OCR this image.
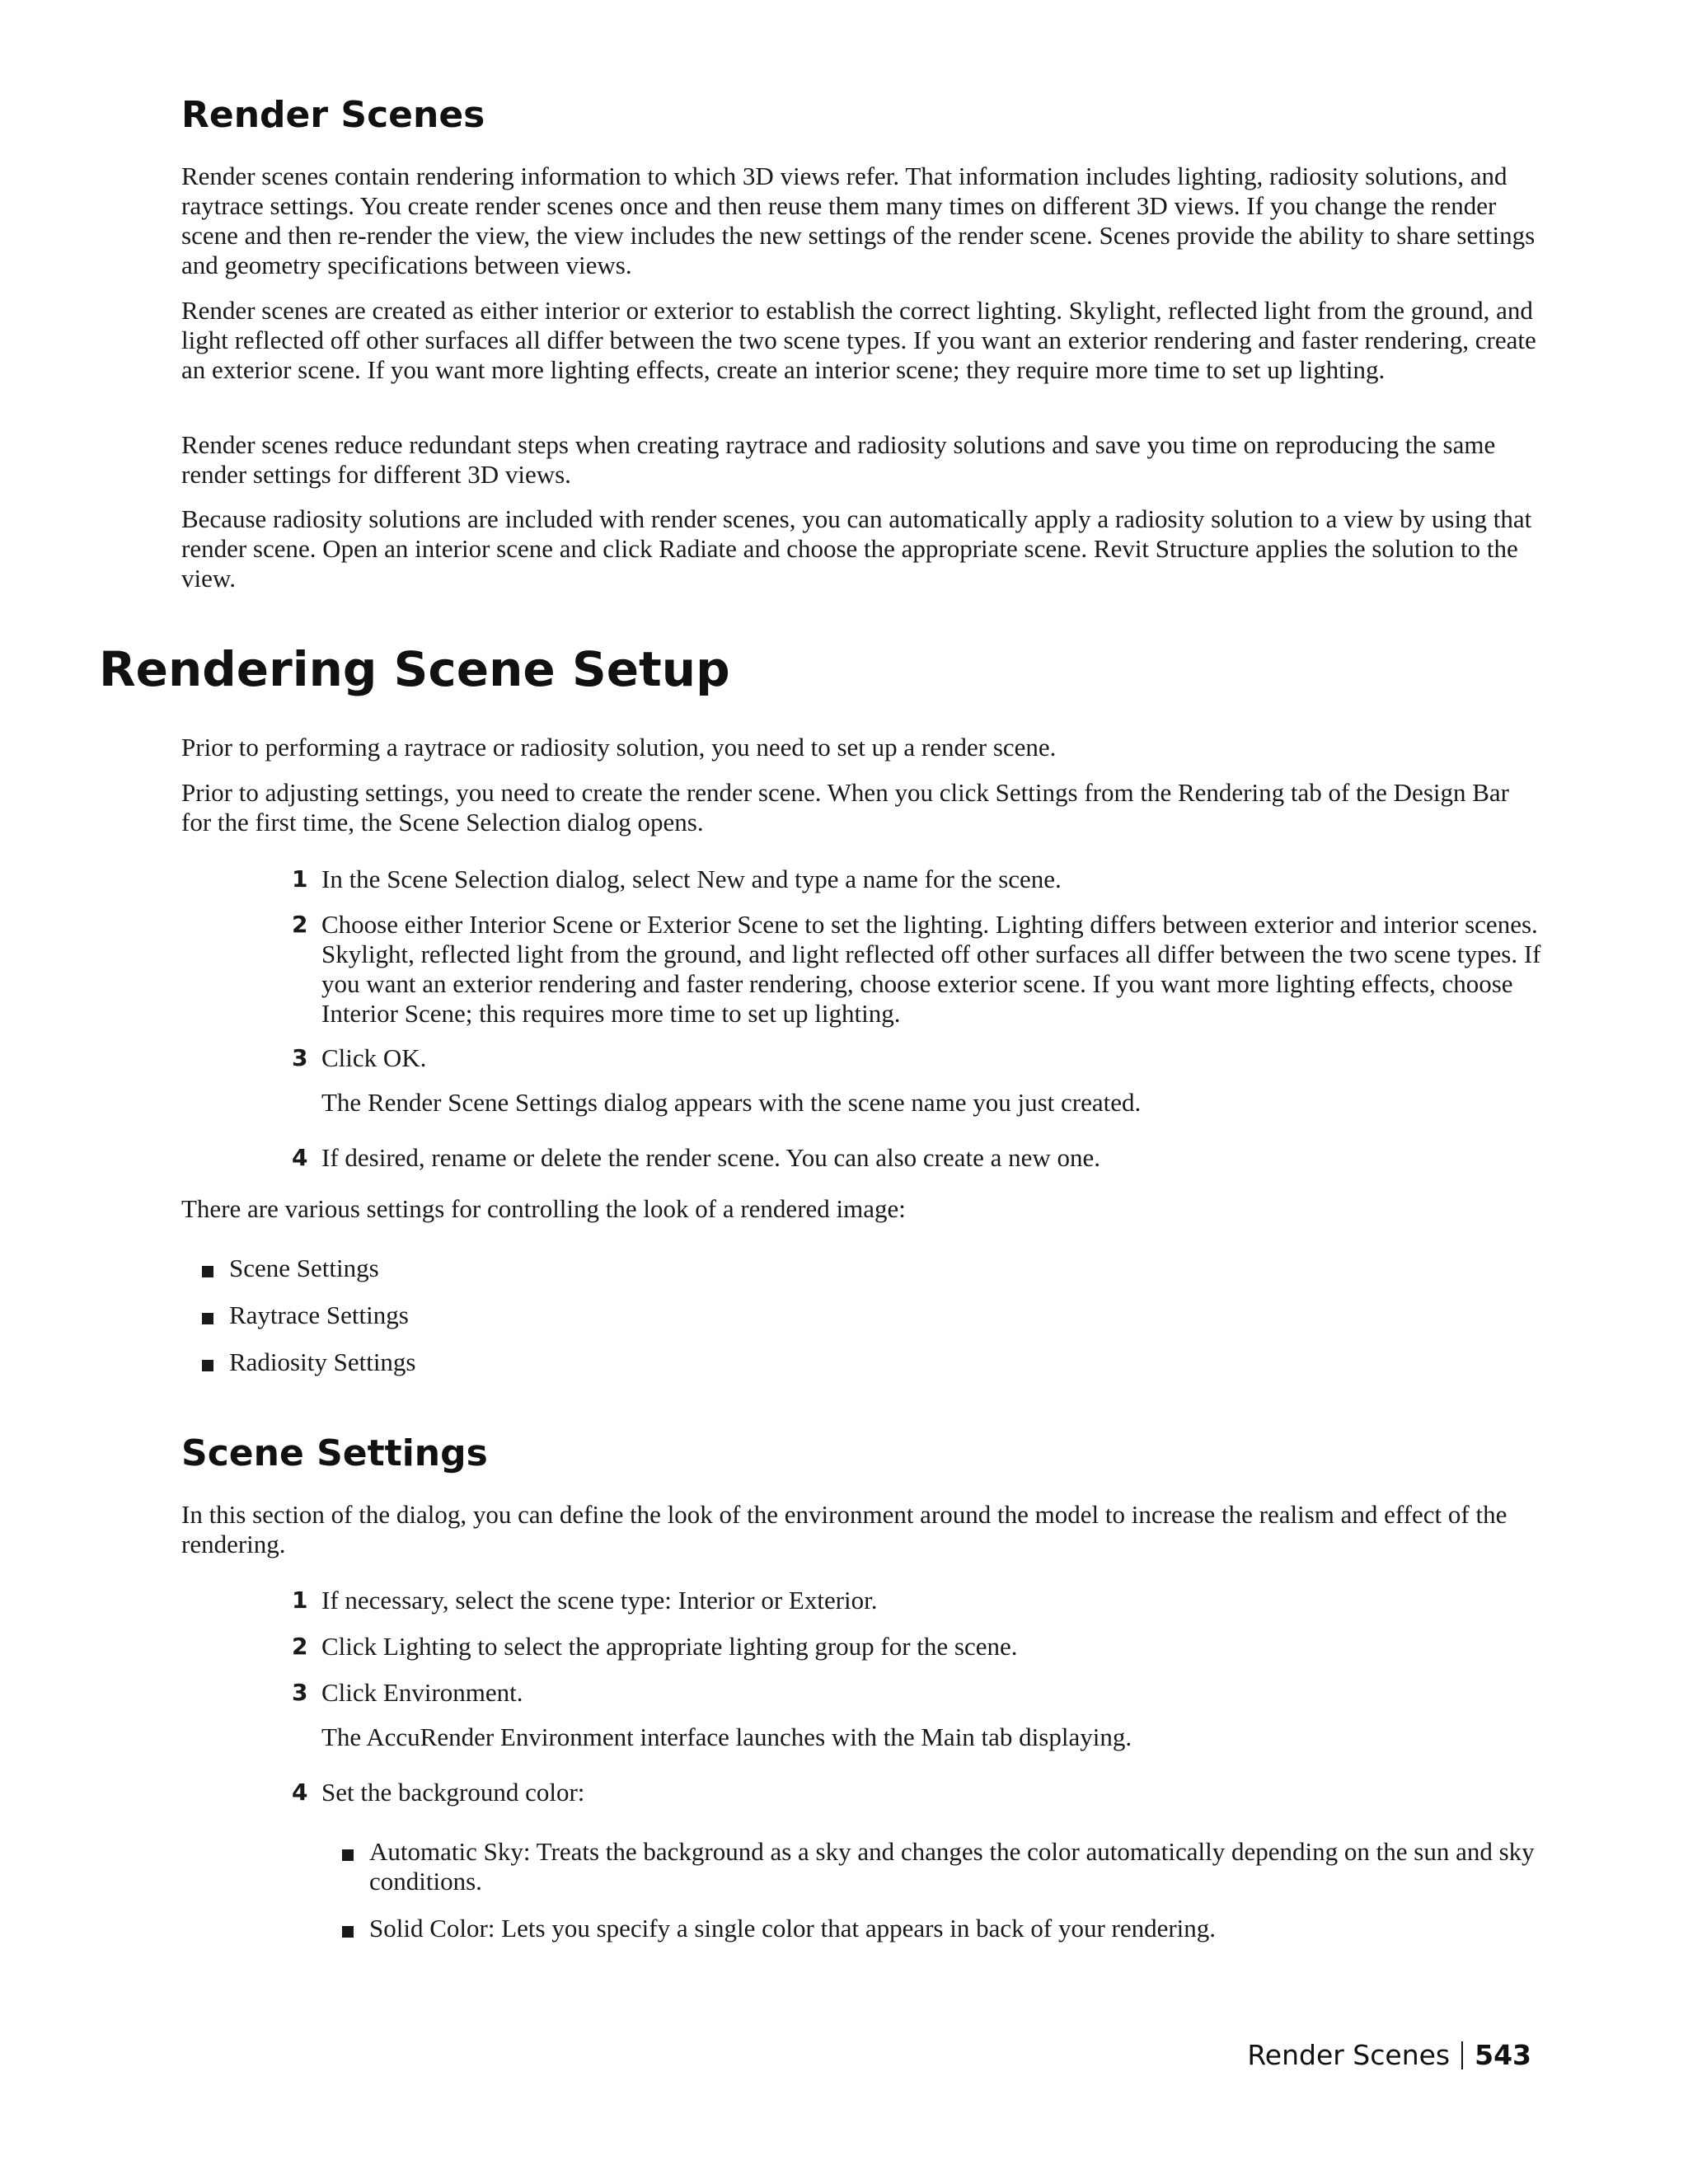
Render Scenes

Render scenes contain rendering information to which 3D views refer. That information includes lighting, radiosity solutions, and raytrace settings. You create render scenes once and then reuse them many times on different 3D views. If you change the render scene and then re-render the view, the view includes the new settings of the render scene. Scenes provide the ability to share settings and geometry specifications between views.

Render scenes are created as either interior or exterior to establish the correct lighting. Skylight, reflected light from the ground, and light reflected off other surfaces all differ between the two scene types. If you want an exterior rendering and faster rendering, create an exterior scene. If you want more lighting effects, create an interior scene; they require more time to set up lighting.

Render scenes reduce redundant steps when creating raytrace and radiosity solutions and save you time on reproducing the same render settings for different 3D views.

Because radiosity solutions are included with render scenes, you can automatically apply a radiosity solution to a view by using that render scene. Open an interior scene and click Radiate and choose the appropriate scene. Revit Structure applies the solution to the view.

Rendering Scene Setup

Prior to performing a raytrace or radiosity solution, you need to set up a render scene.

Prior to adjusting settings, you need to create the render scene. When you click Settings from the Rendering tab of the Design Bar for the first time, the Scene Selection dialog opens.

1 In the Scene Selection dialog, select New and type a name for the scene.

2 Choose either Interior Scene or Exterior Scene to set the lighting. Lighting differs between exterior and interior scenes. Skylight, reflected light from the ground, and light reflected off other surfaces all differ between the two scene types. If you want an exterior rendering and faster rendering, choose exterior scene. If you want more lighting effects, choose Interior Scene; this requires more time to set up lighting.

3 Click OK.

The Render Scene Settings dialog appears with the scene name you just created.

4 If desired, rename or delete the render scene. You can also create a new one.

There are various settings for controlling the look of a rendered image:

Scene Settings

Raytrace Settings

Radiosity Settings

Scene Settings

In this section of the dialog, you can define the look of the environment around the model to increase the realism and effect of the rendering.

1 If necessary, select the scene type: Interior or Exterior.

2 Click Lighting to select the appropriate lighting group for the scene.

3 Click Environment.

The AccuRender Environment interface launches with the Main tab displaying.

4 Set the background color:

Automatic Sky: Treats the background as a sky and changes the color automatically depending on the sun and sky conditions.

Solid Color: Lets you specify a single color that appears in back of your rendering.

Render Scenes 543
